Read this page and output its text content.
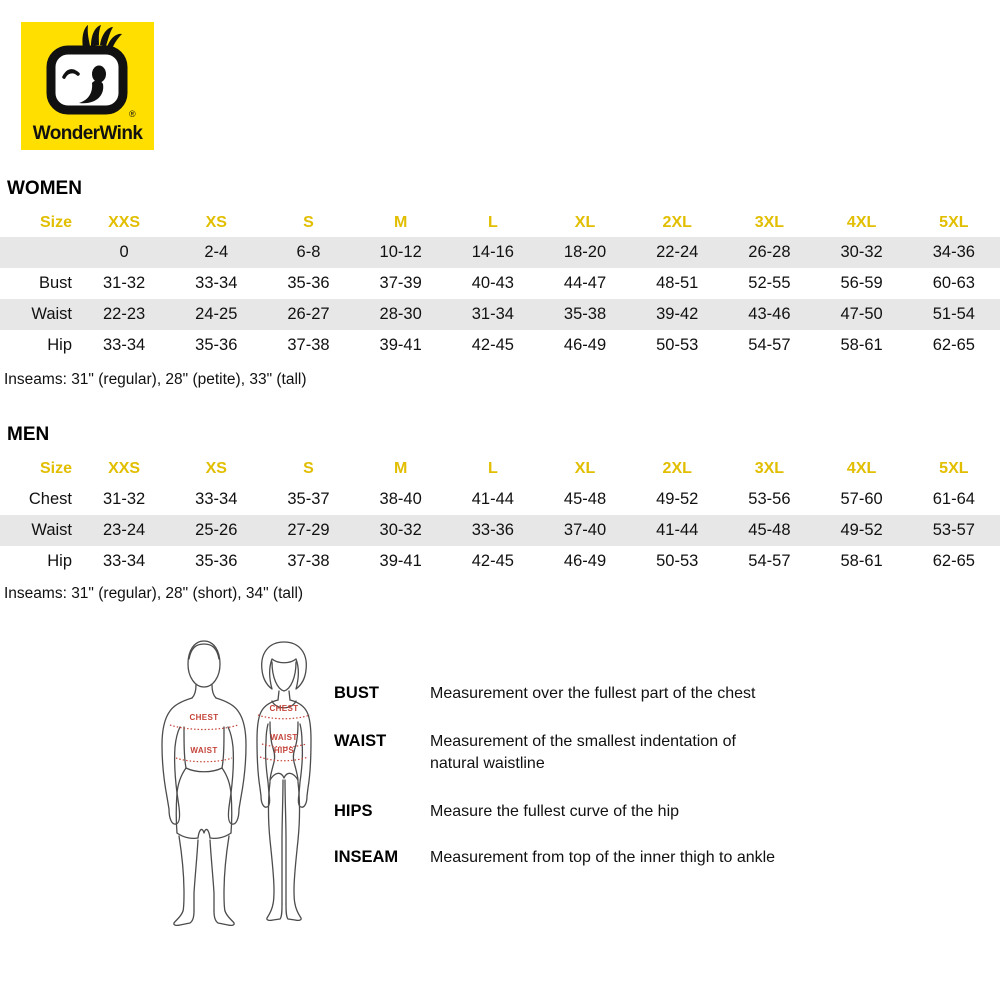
®
WonderWink
WOMEN
Size	XXS	XS	S	M	L	XL	2XL	3XL	4XL	5XL
	0	2-4	6-8	10-12	14-16	18-20	22-24	26-28	30-32	34-36
Bust	31-32	33-34	35-36	37-39	40-43	44-47	48-51	52-55	56-59	60-63
Waist	22-23	24-25	26-27	28-30	31-34	35-38	39-42	43-46	47-50	51-54
Hip	33-34	35-36	37-38	39-41	42-45	46-49	50-53	54-57	58-61	62-65
Inseams: 31" (regular), 28" (petite), 33" (tall)
MEN
Size	XXS	XS	S	M	L	XL	2XL	3XL	4XL	5XL
Chest	31-32	33-34	35-37	38-40	41-44	45-48	49-52	53-56	57-60	61-64
Waist	23-24	25-26	27-29	30-32	33-36	37-40	41-44	45-48	49-52	53-57
Hip	33-34	35-36	37-38	39-41	42-45	46-49	50-53	54-57	58-61	62-65
Inseams: 31" (regular), 28" (short), 34" (tall)
CHEST
WAIST
CHEST
WAIST
HIPS
BUST	Measurement over the fullest part of the chest
WAIST	Measurement of the smallest indentation of natural waistline
HIPS	Measure the fullest curve of the hip
INSEAM	Measurement from top of the inner thigh to ankle
